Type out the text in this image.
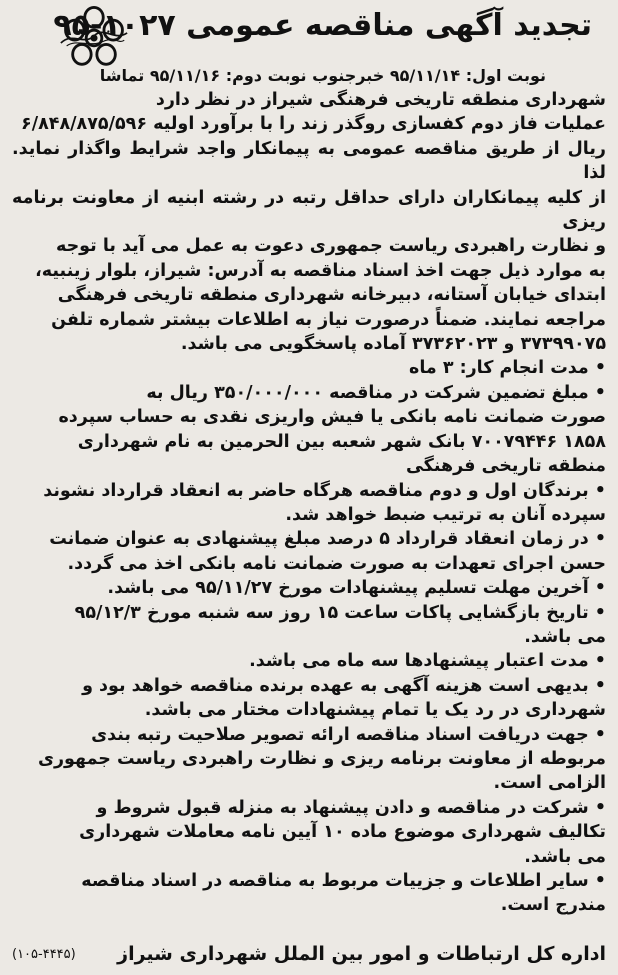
تجدید آگهی مناقصه عمومی ۱۰۲۷-۹۵
نوبت اول: ۹۵/۱۱/۱۴ خبرجنوب نوبت دوم: ۹۵/۱۱/۱۶ تماشا

شهرداری منطقه تاریخی فرهنگی شیراز در نظر دارد

عملیات فاز دوم کفسازی روگذر زند را با برآورد اولیه ۶/۸۴۸/۸۷۵/۵۹۶

ریال از طریق مناقصه عمومی به پیمانکار واجد شرایط واگذار نماید. لذا

از کلیه پیمانکاران دارای حداقل رتبه در رشته ابنیه از معاونت برنامه ریزی

و نظارت راهبردی ریاست جمهوری دعوت به عمل می آید با توجه

به موارد ذیل جهت اخذ اسناد مناقصه به آدرس: شیراز، بلوار زینبیه،

ابتدای خیابان آستانه، دبیرخانه شهرداری منطقه تاریخی فرهنگی

مراجعه نمایند. ضمناً درصورت نیاز به اطلاعات بیشتر شماره تلفن

۳۷۳۹۹۰۷۵ و ۳۷۳۶۲۰۲۳ آماده پاسخگویی می باشد.

• مدت انجام کار: ۳ ماه

• مبلغ تضمین شرکت در مناقصه ۳۵۰/۰۰۰/۰۰۰ ریال به

صورت ضمانت نامه بانکی یا فیش واریزی نقدی به حساب سپرده

۱۸۵۸ ۷۰۰۷۹۴۴۶ بانک شهر شعبه بین الحرمین به نام شهرداری

منطقه تاریخی فرهنگی

• برندگان اول و دوم مناقصه هرگاه حاضر به انعقاد قرارداد نشوند

سپرده آنان به ترتیب ضبط خواهد شد.

• در زمان انعقاد قرارداد ۵ درصد مبلغ پیشنهادی به عنوان ضمانت

حسن اجرای تعهدات به صورت ضمانت نامه بانکی اخذ می گردد.

• آخرین مهلت تسلیم پیشنهادات مورخ ۹۵/۱۱/۲۷ می باشد.

• تاریخ بازگشایی پاکات ساعت ۱۵ روز سه شنبه مورخ ۹۵/۱۲/۳

می باشد.

• مدت اعتبار پیشنهادها سه ماه می باشد.

• بدیهی است هزینه آگهی به عهده برنده مناقصه خواهد بود و

شهرداری در رد یک یا تمام پیشنهادات مختار می باشد.

• جهت دریافت اسناد مناقصه ارائه تصویر صلاحیت رتبه بندی

مربوطه از معاونت برنامه ریزی و نظارت راهبردی ریاست جمهوری

الزامی است.

• شرکت در مناقصه و دادن پیشنهاد به منزله قبول شروط و

تکالیف شهرداری موضوع ماده ۱۰ آیین نامه معاملات شهرداری

می باشد.

• سایر اطلاعات و جزییات مربوط به مناقصه در اسناد مناقصه

مندرج است.

اداره کل ارتباطات و امور بین الملل شهرداری شیراز
(۱۰۵-۴۴۴۵)
